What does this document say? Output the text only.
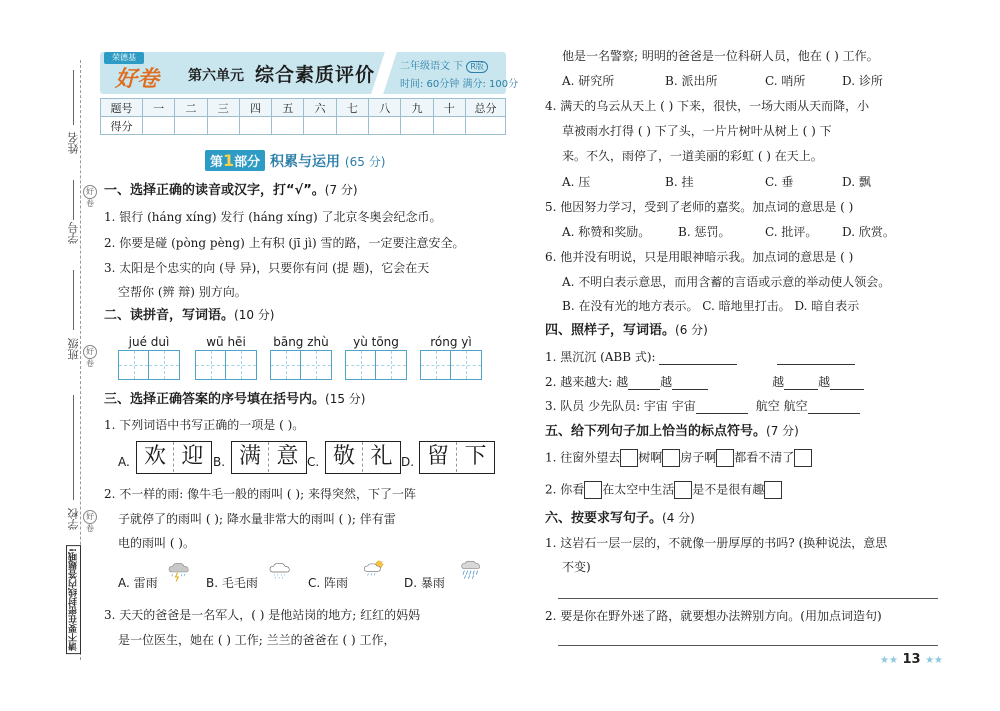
姓名
学号
班级
学校
请不要在密封线内答题哦!
好卷
好卷
好卷
荣德基
好卷 第六单元 综合素质评价 二年级语文 下 R版
时间: 60分钟 满分: 100分
题号	一	二	三	四	五	六	七	八	九	十	总分
得分											
第1部分 积累与运用 (65 分)
一、选择正确的读音或汉字，打“√”。(7 分)
1. 银行 (háng xíng) 发行 (háng xíng) 了北京冬奥会纪念币。
2. 你要是碰 (pòng pèng) 上有积 (jī jì) 雪的路，一定要注意安全。
3. 太阳是个忠实的向 (导 异)，只要你有问 (提 题)，它会在天
空帮你 (辨 辩) 别方向。
二、读拼音，写词语。(10 分)
jué duì	wū hēi	bāng zhù	yù tōng	róng yì
三、选择正确答案的序号填在括号内。(15 分)
1. 下列词语中书写正确的一项是 ( )。
A. 欢 迎 B. 满 意 C. 敬 礼 D. 留 下
2. 不一样的雨: 像牛毛一般的雨叫 ( ); 来得突然，下了一阵
子就停了的雨叫 ( ); 降水量非常大的雨叫 ( ); 伴有雷
电的雨叫 ( )。
A. 雷雨	B. 毛毛雨	C. 阵雨	D. 暴雨
3. 天天的爸爸是一名军人，( ) 是他站岗的地方; 红红的妈妈
是一位医生，她在 ( ) 工作; 兰兰的爸爸在 ( ) 工作，
他是一名警察; 明明的爸爸是一位科研人员，他在 ( ) 工作。
A. 研究所	B. 派出所	C. 哨所	D. 诊所
4. 满天的乌云从天上 ( ) 下来，很快，一场大雨从天而降，小
草被雨水打得 ( ) 下了头，一片片树叶从树上 ( ) 下
来。不久，雨停了，一道美丽的彩虹 ( ) 在天上。
A. 压	B. 挂	C. 垂	D. 飘
5. 他因努力学习，受到了老师的嘉奖。加点词的意思是 ( )
A. 称赞和奖励。 B. 惩罚。	C. 批评。 D. 欣赏。
6. 他并没有明说，只是用眼神暗示我。加点词的意思是 ( )
A. 不明白表示意思，而用含蓄的言语或示意的举动使人领会。
B. 在没有光的地方表示。 C. 暗地里打击。 D. 暗自表示
四、照样子，写词语。(6 分)
1. 黑沉沉 (ABB 式):
2. 越来越大: 越	越	越	越
3. 队员 少先队员: 宇宙 宇宙	航空 航空
五、给下列句子加上恰当的标点符号。(7 分)
1. 往窗外望去 树啊 房子啊 都看不清了
2. 你看 在太空中生活 是不是很有趣
六、按要求写句子。(4 分)
1. 这岩石一层一层的，不就像一册厚厚的书吗? (换种说法，意思
不变)
2. 要是你在野外迷了路，就要想办法辨别方向。(用加点词造句)
★★ 13 ★★
